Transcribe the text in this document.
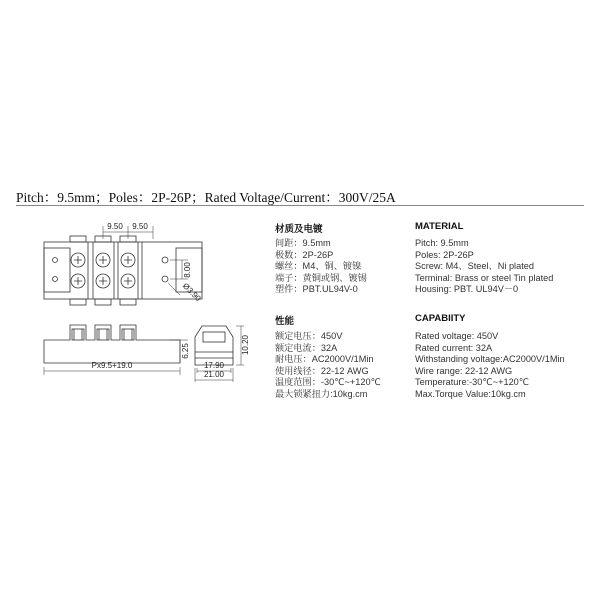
Pitch：9.5mm；Poles：2P-26P；Rated Voltage/Current：300V/25A
9.50 9.50
8.00
Ø3.90
6.25
Px9.5+19.0
10.20
17.90
21.00
材质及电镀
间距：9.5mm
极数：2P-26P
螺丝：M4、铜、镀镍
端子：黄铜或钢、镀锡
塑件：PBT.UL94V-0
性能
额定电压：450V
额定电流：32A
耐电压：AC2000V/1Min
使用线径：22-12 AWG
温度范围：-30℃~+120℃
最大锁紧扭力:10kg.cm
MATERIAL
Pitch: 9.5mm
Poles: 2P-26P
Screw: M4、Steel、Ni plated
Terminal: Brass or steel Tin plated
Housing: PBT. UL94V－0
CAPABIITY
Rated voltage: 450V
Rated current: 32A
Withstanding voltage:AC2000V/1Min
Wire range: 22-12 AWG
Temperature:-30℃~+120℃
Max.Torque Value:10kg.cm
